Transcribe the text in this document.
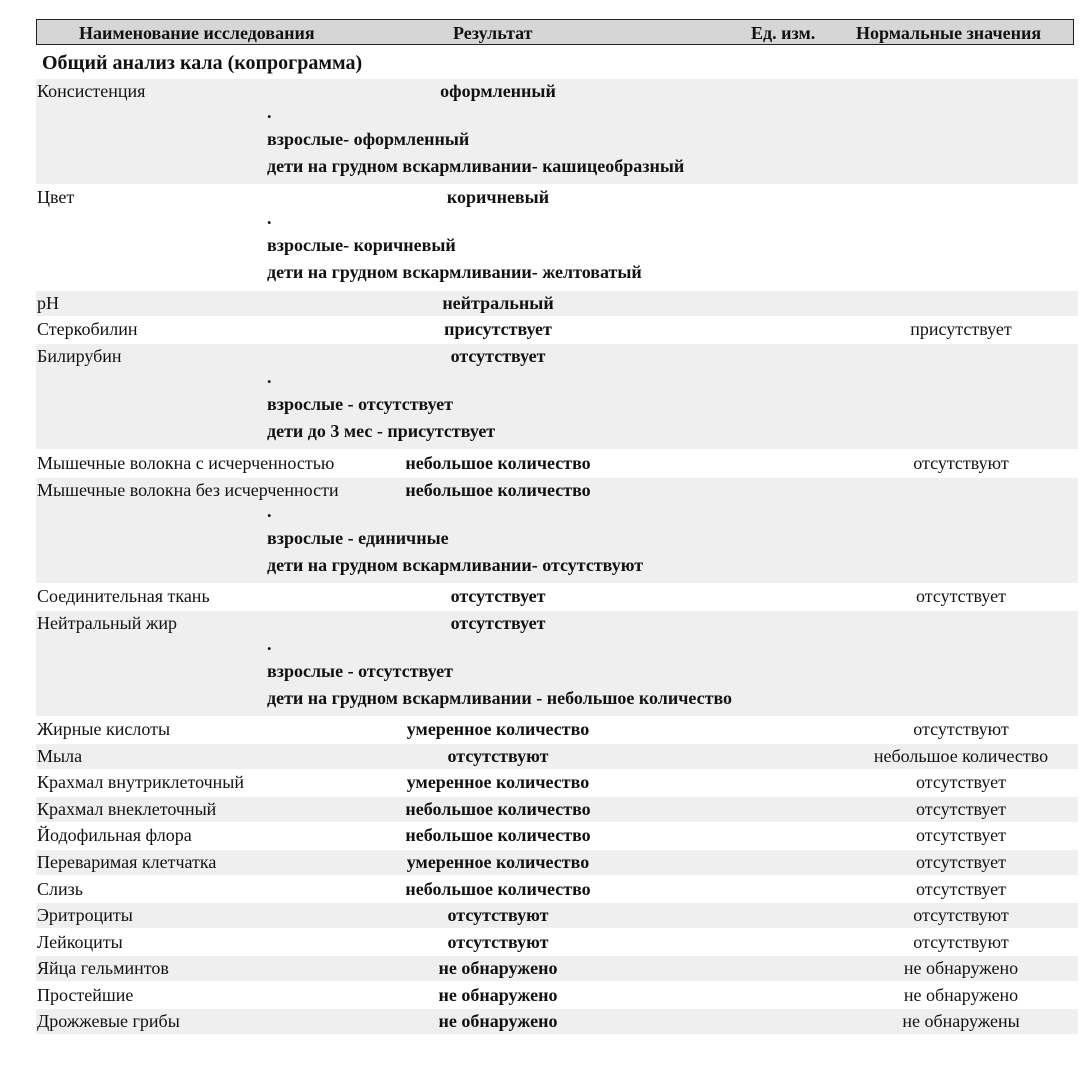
Наименование исследования	Результат	Ед. изм. Нормальные значения
Общий анализ кала (копрограмма)
Консистенция	оформленный
.
взрослые- оформленный
дети на грудном вскармливании- кашицеобразный
Цвет	коричневый
.
взрослые- коричневый
дети на грудном вскармливании- желтоватый
pH	нейтральный
Стеркобилин	присутствует	присутствует
Билирубин	отсутствует
.
взрослые - отсутствует
дети до 3 мес - присутствует
Мышечные волокна с исчерченностью	небольшое количество	отсутствуют
Мышечные волокна без исчерченности	небольшое количество
.
взрослые - единичные
дети на грудном вскармливании- отсутствуют
Соединительная ткань	отсутствует	отсутствует
Нейтральный жир	отсутствует
.
взрослые - отсутствует
дети на грудном вскармливании - небольшое количество
Жирные кислоты	умеренное количество	отсутствуют
Мыла	отсутствуют	небольшое количество
Крахмал внутриклеточный	умеренное количество	отсутствует
Крахмал внеклеточный	небольшое количество	отсутствует
Йодофильная флора	небольшое количество	отсутствует
Переваримая клетчатка	умеренное количество	отсутствует
Слизь	небольшое количество	отсутствует
Эритроциты	отсутствуют	отсутствуют
Лейкоциты	отсутствуют	отсутствуют
Яйца гельминтов	не обнаружено	не обнаружено
Простейшие	не обнаружено	не обнаружено
Дрожжевые грибы	не обнаружено	не обнаружены
